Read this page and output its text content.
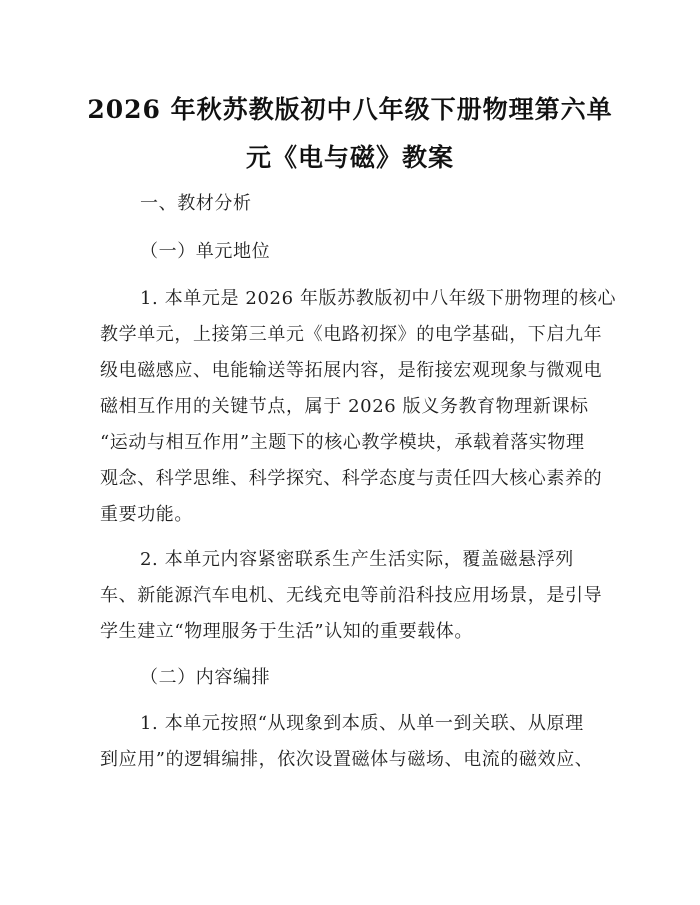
2026 年秋苏教版初中八年级下册物理第六单
元《电与磁》教案
一、教材分析
（一）单元地位
1. 本单元是 2026 年版苏教版初中八年级下册物理的核心
教学单元，上接第三单元《电路初探》的电学基础，下启九年
级电磁感应、电能输送等拓展内容，是衔接宏观现象与微观电
磁相互作用的关键节点，属于 2026 版义务教育物理新课标
“运动与相互作用”主题下的核心教学模块，承载着落实物理
观念、科学思维、科学探究、科学态度与责任四大核心素养的
重要功能。
2. 本单元内容紧密联系生产生活实际，覆盖磁悬浮列
车、新能源汽车电机、无线充电等前沿科技应用场景，是引导
学生建立“物理服务于生活”认知的重要载体。
（二）内容编排
1. 本单元按照“从现象到本质、从单一到关联、从原理
到应用”的逻辑编排，依次设置磁体与磁场、电流的磁效应、
